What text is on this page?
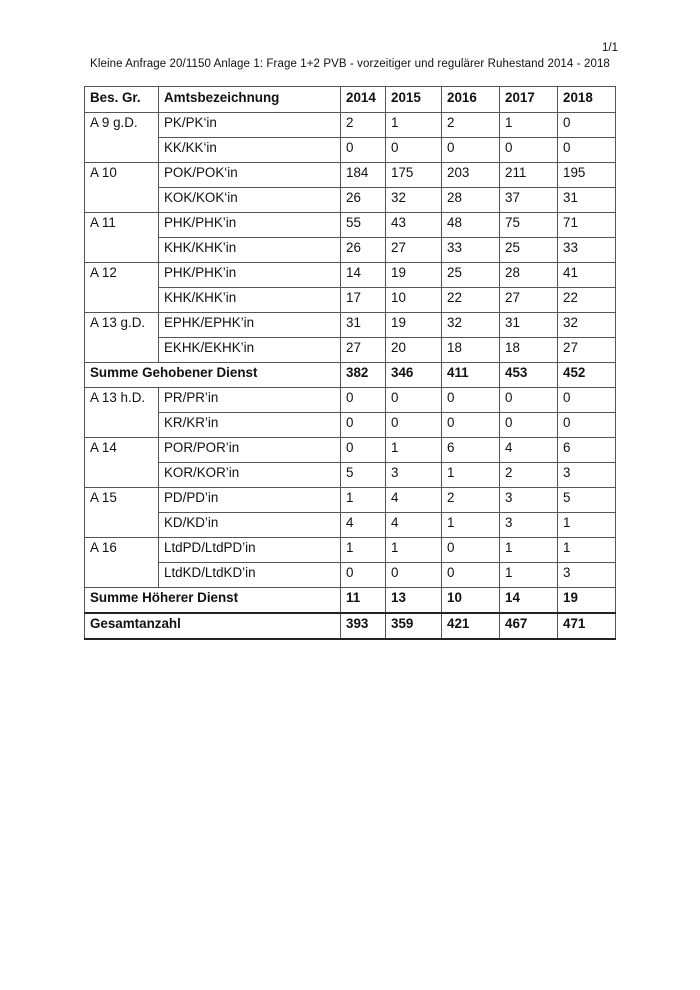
1/1
Kleine Anfrage 20/1150 Anlage 1: Frage 1+2 PVB - vorzeitiger und regulärer Ruhestand 2014 - 2018
Bes. Gr.	Amtsbezeichnung	2014	2015	2016	2017	2018
A 9 g.D.	PK/PK‘in	2	1	2	1	0
	KK/KK‘in	0	0	0	0	0
A 10	POK/POK‘in	184	175	203	211	195
	KOK/KOK‘in	26	32	28	37	31
A 11	PHK/PHK’in	55	43	48	75	71
	KHK/KHK’in	26	27	33	25	33
A 12	PHK/PHK’in	14	19	25	28	41
	KHK/KHK’in	17	10	22	27	22
A 13 g.D.	EPHK/EPHK’in	31	19	32	31	32
	EKHK/EKHK’in	27	20	18	18	27
Summe Gehobener Dienst		382	346	411	453	452
A 13 h.D.	PR/PR’in	0	0	0	0	0
	KR/KR’in	0	0	0	0	0
A 14	POR/POR’in	0	1	6	4	6
	KOR/KOR’in	5	3	1	2	3
A 15	PD/PD’in	1	4	2	3	5
	KD/KD’in	4	4	1	3	1
A 16	LtdPD/LtdPD’in	1	1	0	1	1
	LtdKD/LtdKD’in	0	0	0	1	3
Summe Höherer Dienst		11	13	10	14	19
Gesamtanzahl		393	359	421	467	471
